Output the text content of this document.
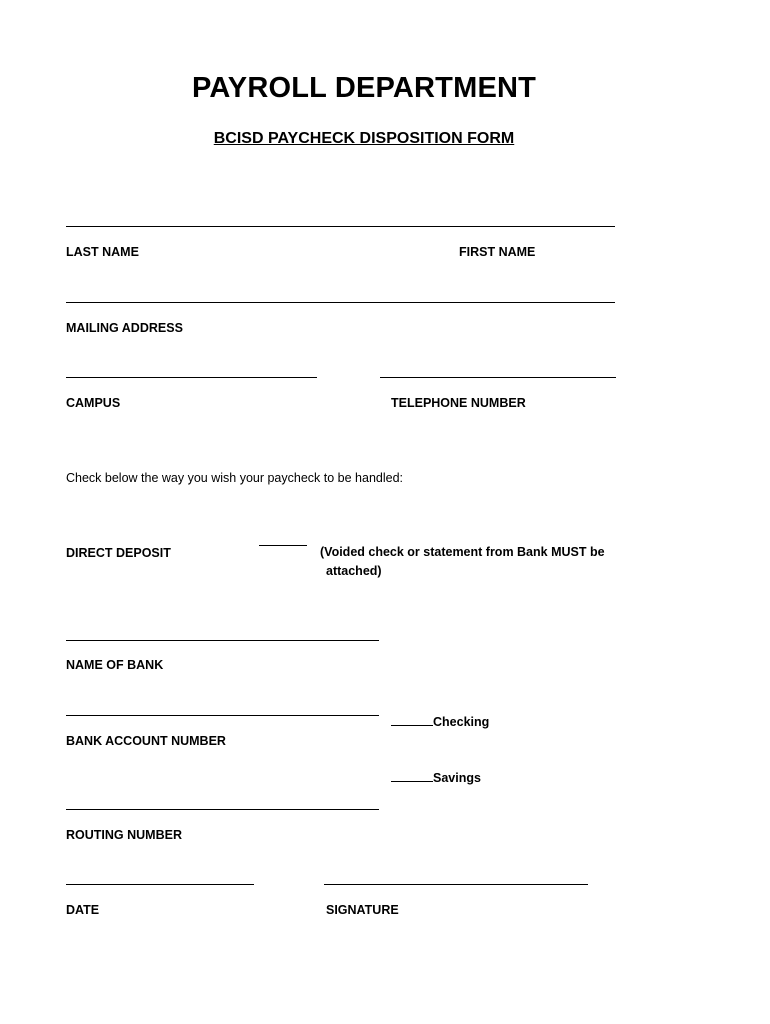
PAYROLL DEPARTMENT
BCISD PAYCHECK DISPOSITION FORM
LAST NAME	FIRST NAME
MAILING ADDRESS
CAMPUS	TELEPHONE NUMBER
Check below the way you wish your paycheck to be handled:
DIRECT DEPOSIT	(Voided check or statement from Bank MUST be
attached)
NAME OF BANK
BANK ACCOUNT NUMBER
Checking
Savings
ROUTING NUMBER
DATE	SIGNATURE
